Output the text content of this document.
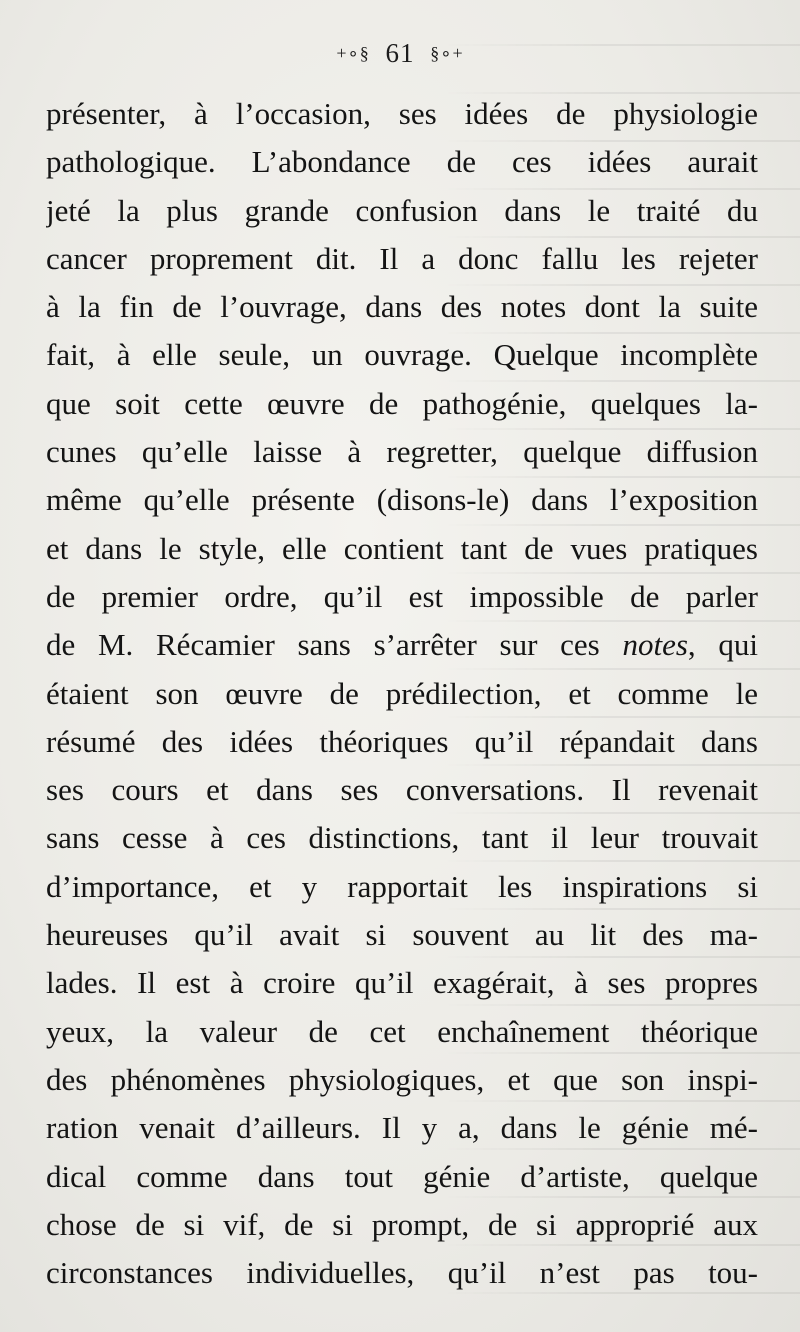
+∘§ 61 §∘+
présenter, à l’occasion, ses idées de physiologie
pathologique. L’abondance de ces idées aurait
jeté la plus grande confusion dans le traité du
cancer proprement dit. Il a donc fallu les rejeter
à la fin de l’ouvrage, dans des notes dont la suite
fait, à elle seule, un ouvrage. Quelque incomplète
que soit cette œuvre de pathogénie, quelques la-
cunes qu’elle laisse à regretter, quelque diffusion
même qu’elle présente (disons-le) dans l’exposition
et dans le style, elle contient tant de vues pratiques
de premier ordre, qu’il est impossible de parler
de M. Récamier sans s’arrêter sur ces notes, qui
étaient son œuvre de prédilection, et comme le
résumé des idées théoriques qu’il répandait dans
ses cours et dans ses conversations. Il revenait
sans cesse à ces distinctions, tant il leur trouvait
d’importance, et y rapportait les inspirations si
heureuses qu’il avait si souvent au lit des ma-
lades. Il est à croire qu’il exagérait, à ses propres
yeux, la valeur de cet enchaînement théorique
des phénomènes physiologiques, et que son inspi-
ration venait d’ailleurs. Il y a, dans le génie mé-
dical comme dans tout génie d’artiste, quelque
chose de si vif, de si prompt, de si approprié aux
circonstances individuelles, qu’il n’est pas tou-
